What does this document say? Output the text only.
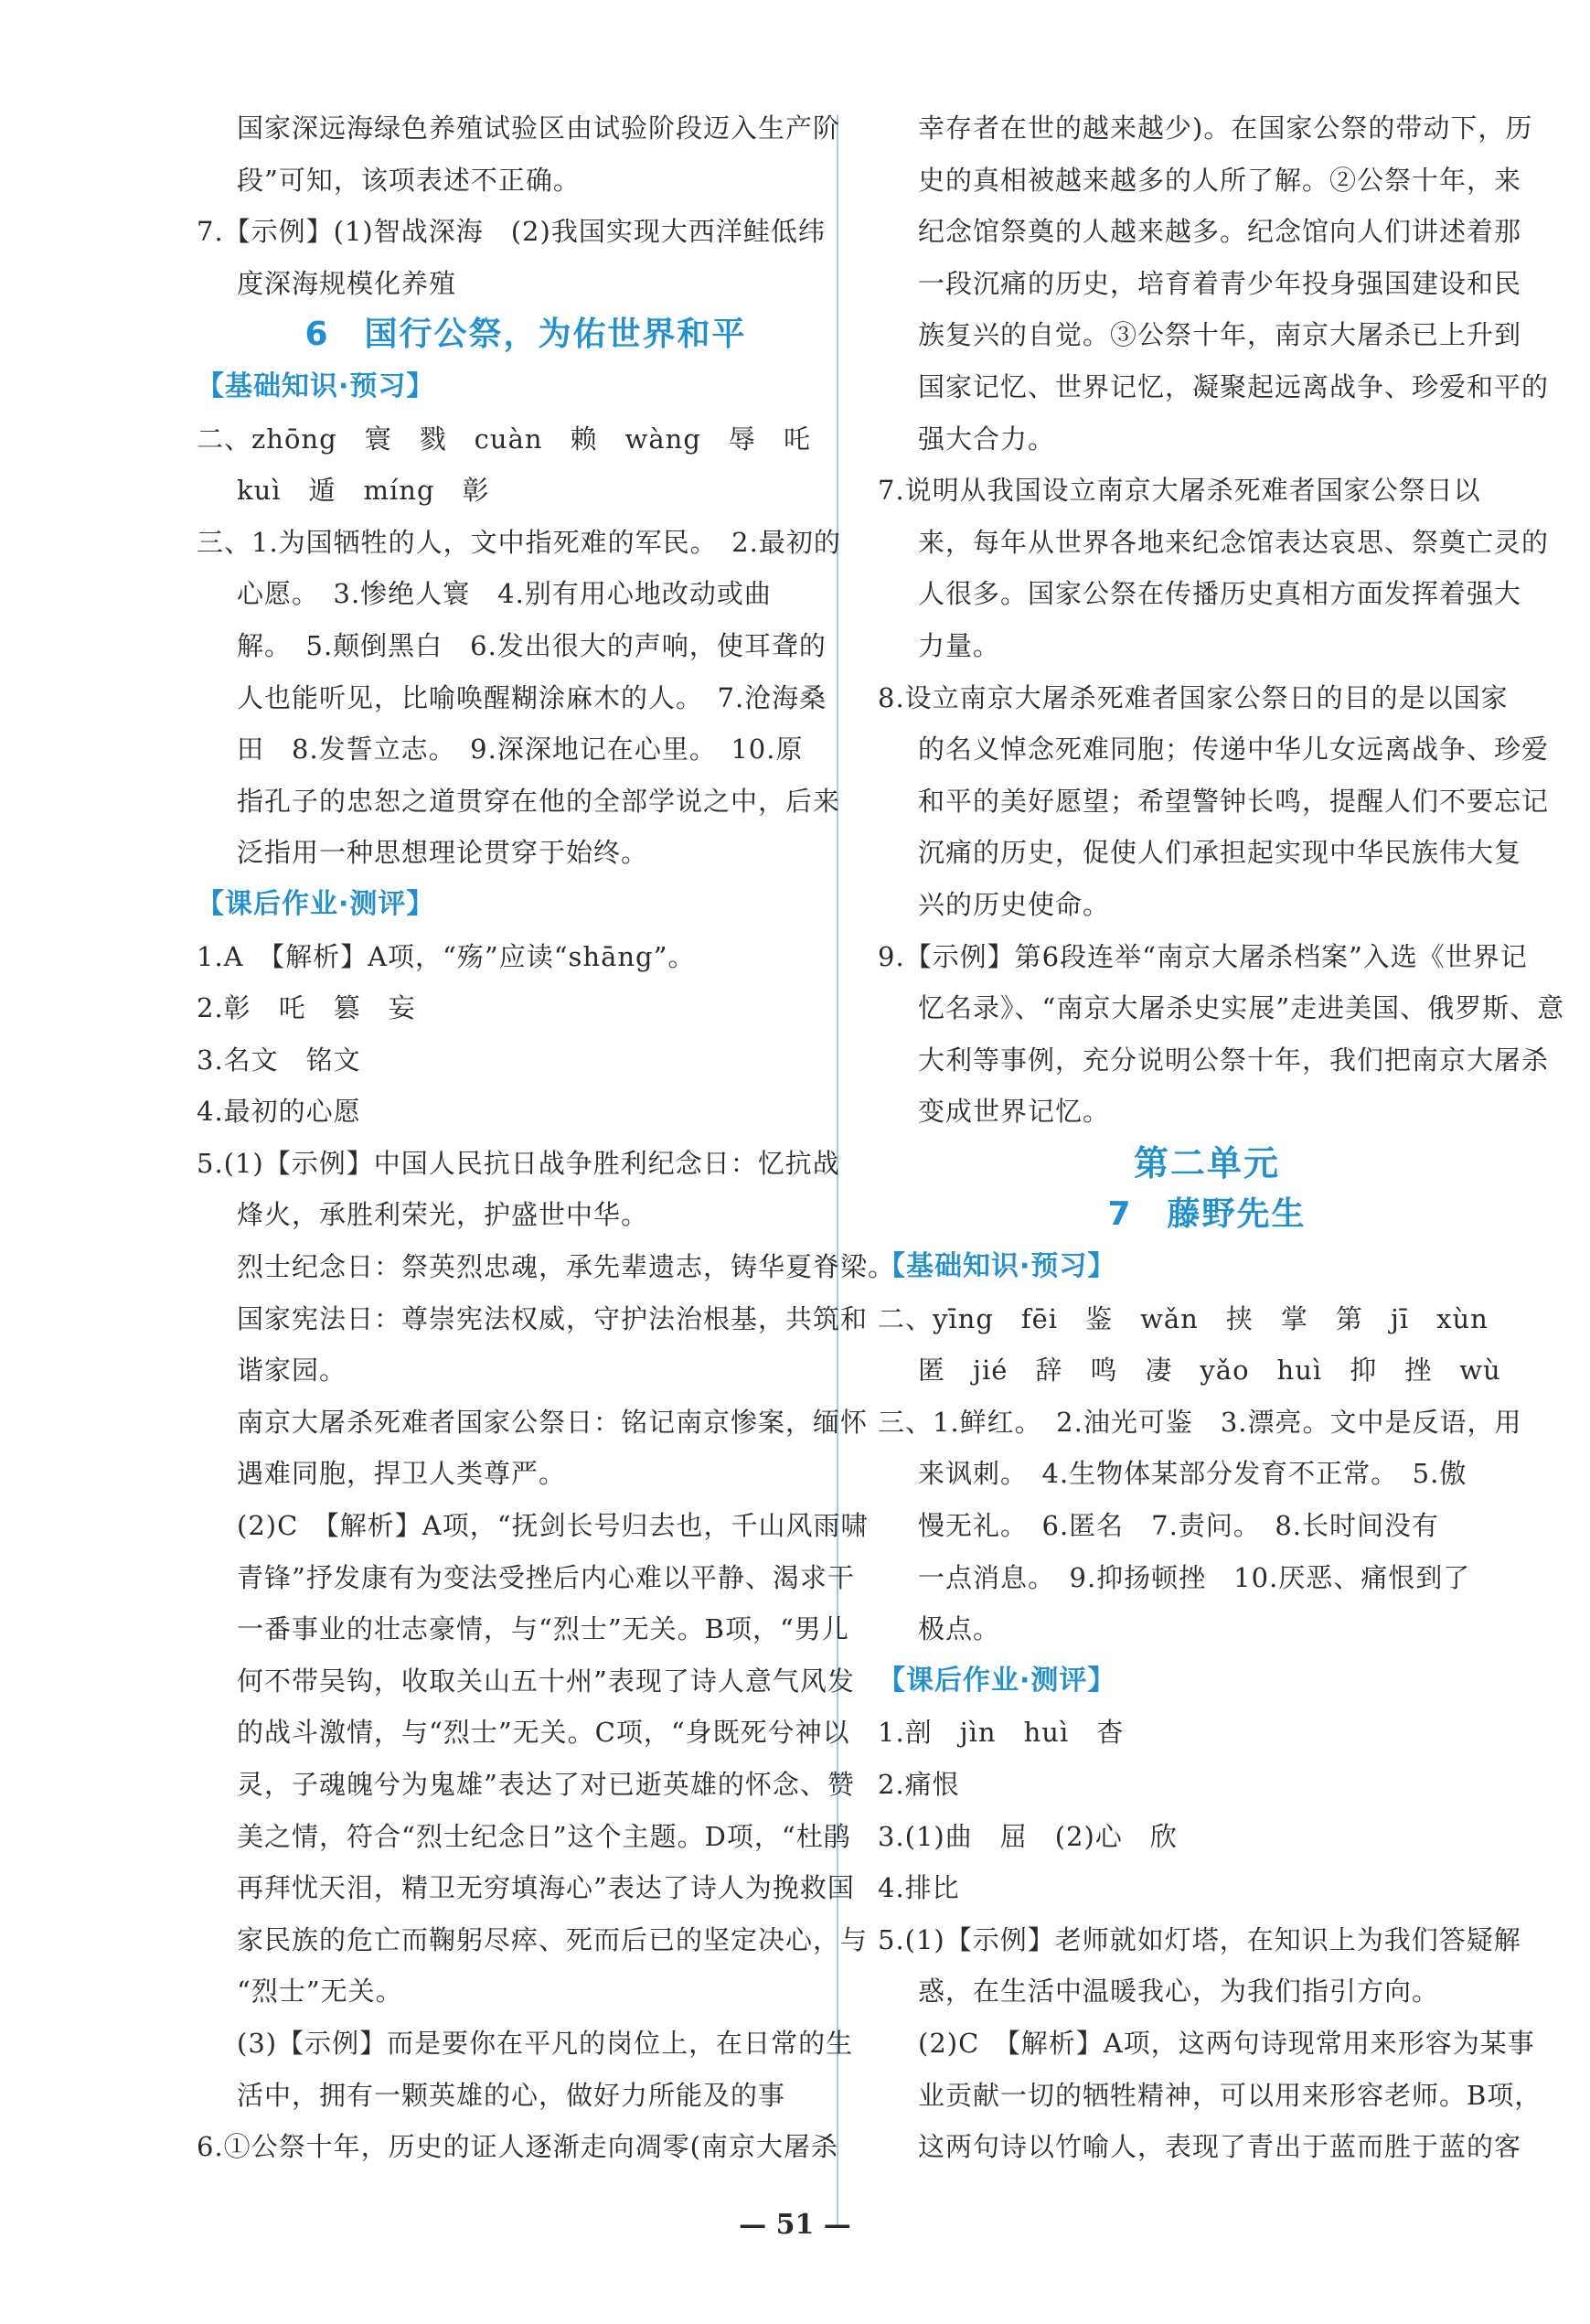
国家深远海绿色养殖试验区由试验阶段迈入生产阶
段”可知，该项表述不正确。
7.【示例】(1)智战深海　(2)我国实现大西洋鲑低纬
度深海规模化养殖
6　国行公祭，为佑世界和平
【基础知识·预习】
二、zhōng　寰　戮　cuàn　赖　wàng　辱　吒
kuì　遁　míng　彰
三、1.为国牺牲的人，文中指死难的军民。　2.最初的
心愿。　3.惨绝人寰　4.别有用心地改动或曲
解。　5.颠倒黑白　6.发出很大的声响，使耳聋的
人也能听见，比喻唤醒糊涂麻木的人。　7.沧海桑
田　8.发誓立志。　9.深深地记在心里。　10.原
指孔子的忠恕之道贯穿在他的全部学说之中，后来
泛指用一种思想理论贯穿于始终。
【课后作业·测评】
1.A　【解析】A项，“殇”应读“shāng”。
2.彰　吒　篡　妄
3.名文　铭文
4.最初的心愿
5.(1)【示例】中国人民抗日战争胜利纪念日：忆抗战
烽火，承胜利荣光，护盛世中华。
烈士纪念日：祭英烈忠魂，承先辈遗志，铸华夏脊梁。
国家宪法日：尊崇宪法权威，守护法治根基，共筑和
谐家园。
南京大屠杀死难者国家公祭日：铭记南京惨案，缅怀
遇难同胞，捍卫人类尊严。
(2)C　【解析】A项，“抚剑长号归去也，千山风雨啸
青锋”抒发康有为变法受挫后内心难以平静、渴求干
一番事业的壮志豪情，与“烈士”无关。B项，“男儿
何不带吴钩，收取关山五十州”表现了诗人意气风发
的战斗激情，与“烈士”无关。C项，“身既死兮神以
灵，子魂魄兮为鬼雄”表达了对已逝英雄的怀念、赞
美之情，符合“烈士纪念日”这个主题。D项，“杜鹃
再拜忧天泪，精卫无穷填海心”表达了诗人为挽救国
家民族的危亡而鞠躬尽瘁、死而后已的坚定决心，与
“烈士”无关。
(3)【示例】而是要你在平凡的岗位上，在日常的生
活中，拥有一颗英雄的心，做好力所能及的事
6.①公祭十年，历史的证人逐渐走向凋零(南京大屠杀
幸存者在世的越来越少)。在国家公祭的带动下，历
史的真相被越来越多的人所了解。②公祭十年，来
纪念馆祭奠的人越来越多。纪念馆向人们讲述着那
一段沉痛的历史，培育着青少年投身强国建设和民
族复兴的自觉。③公祭十年，南京大屠杀已上升到
国家记忆、世界记忆，凝聚起远离战争、珍爱和平的
强大合力。
7.说明从我国设立南京大屠杀死难者国家公祭日以
来，每年从世界各地来纪念馆表达哀思、祭奠亡灵的
人很多。国家公祭在传播历史真相方面发挥着强大
力量。
8.设立南京大屠杀死难者国家公祭日的目的是以国家
的名义悼念死难同胞；传递中华儿女远离战争、珍爱
和平的美好愿望；希望警钟长鸣，提醒人们不要忘记
沉痛的历史，促使人们承担起实现中华民族伟大复
兴的历史使命。
9.【示例】第6段连举“南京大屠杀档案”入选《世界记
忆名录》、“南京大屠杀史实展”走进美国、俄罗斯、意
大利等事例，充分说明公祭十年，我们把南京大屠杀
变成世界记忆。
第二单元
7　藤野先生
【基础知识·预习】
二、yīng　fēi　鉴　wǎn　挟　掌　第　jī　xùn
匿　jié　辞　鸣　凄　yǎo　huì　抑　挫　wù
三、1.鲜红。　2.油光可鉴　3.漂亮。文中是反语，用
来讽刺。　4.生物体某部分发育不正常。　5.傲
慢无礼。　6.匿名　7.责问。　8.长时间没有
一点消息。　9.抑扬顿挫　10.厌恶、痛恨到了
极点。
【课后作业·测评】
1.剖　jìn　huì　杳
2.痛恨
3.(1)曲　屈　(2)心　欣
4.排比
5.(1)【示例】老师就如灯塔，在知识上为我们答疑解
惑，在生活中温暖我心，为我们指引方向。
(2)C　【解析】A项，这两句诗现常用来形容为某事
业贡献一切的牺牲精神，可以用来形容老师。B项，
这两句诗以竹喻人，表现了青出于蓝而胜于蓝的客
— 51 —
